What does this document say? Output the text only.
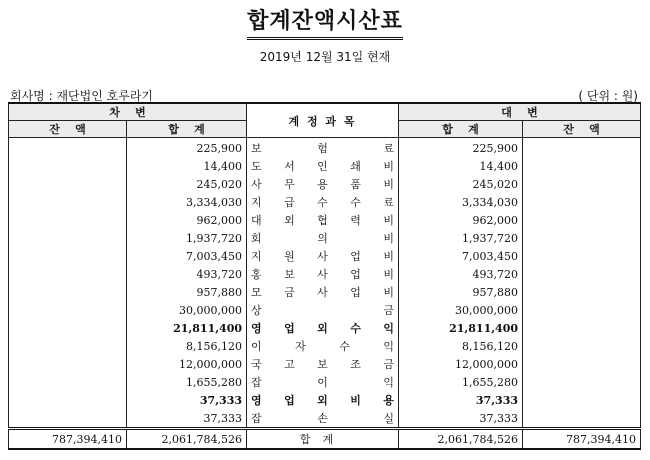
합계잔액시산표
2019년 12월 31일 현재
회사명 : 재단법인 호루라기	( 단위 : 원)
차    변		계 정 과 목	대    변	
잔    액	합    계		합    계	잔    액
	225,900	보 험 료	225,900	
	14,400	도 서 인 쇄 비	14,400	
	245,020	사 무 용 품 비	245,020	
	3,334,030	지 급 수 수 료	3,334,030	
	962,000	대 외 협 력 비	962,000	
	1,937,720	회 의 비	1,937,720	
	7,003,450	지 원 사 업 비	7,003,450	
	493,720	홍 보 사 업 비	493,720	
	957,880	모 금 사 업 비	957,880	
	30,000,000	상 금	30,000,000	
	21,811,400	영 업 외 수 익	21,811,400	
	8,156,120	이 자 수 익	8,156,120	
	12,000,000	국 고 보 조 금	12,000,000	
	1,655,280	잡 이 익	1,655,280	
	37,333	영 업 외 비 용	37,333	
	37,333	잡 손 실	37,333	
787,394,410	2,061,784,526	합계	2,061,784,526	787,394,410
